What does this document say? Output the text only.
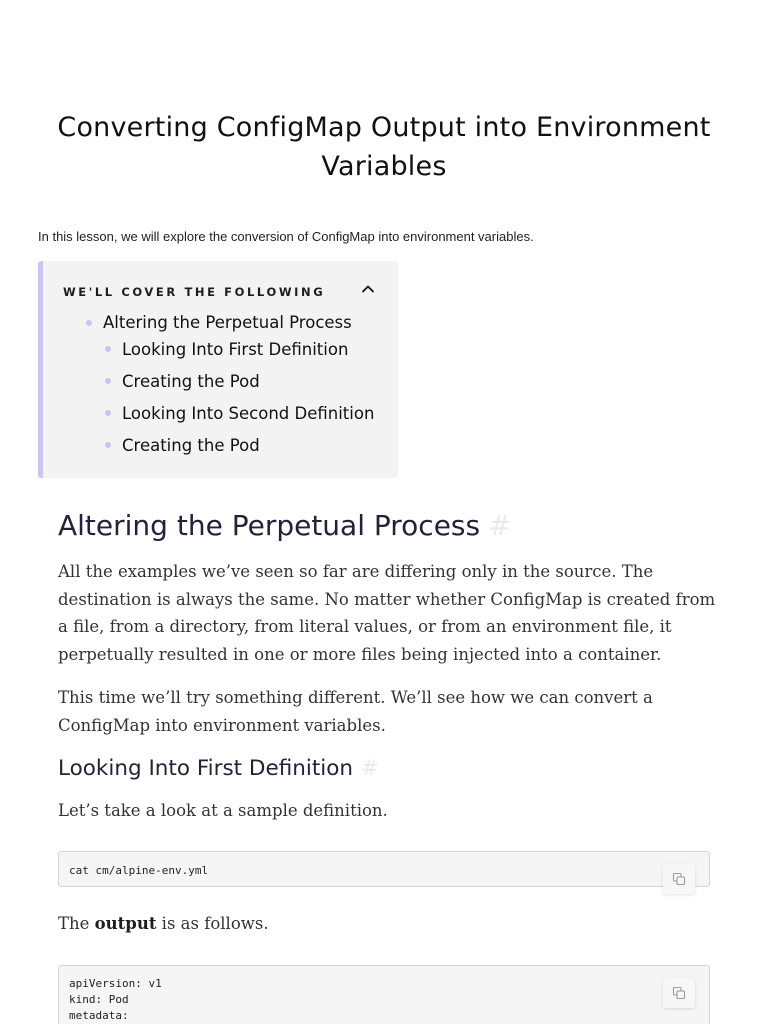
Converting ConfigMap Output into Environment Variables

In this lesson, we will explore the conversion of ConfigMap into environment variables.

WE'LL COVER THE FOLLOWING
Altering the Perpetual Process
Looking Into First Definition
Creating the Pod
Looking Into Second Definition
Creating the Pod
Altering the Perpetual Process #

All the examples we’ve seen so far are differing only in the source. The destination is always the same. No matter whether ConfigMap is created from a file, from a directory, from literal values, or from an environment file, it perpetually resulted in one or more files being injected into a container.

This time we’ll try something different. We’ll see how we can convert a ConfigMap into environment variables.

Looking Into First Definition #

Let’s take a look at a sample definition.

cat cm/alpine-env.yml

The output is as follows.

apiVersion: v1
kind: Pod
metadata:
